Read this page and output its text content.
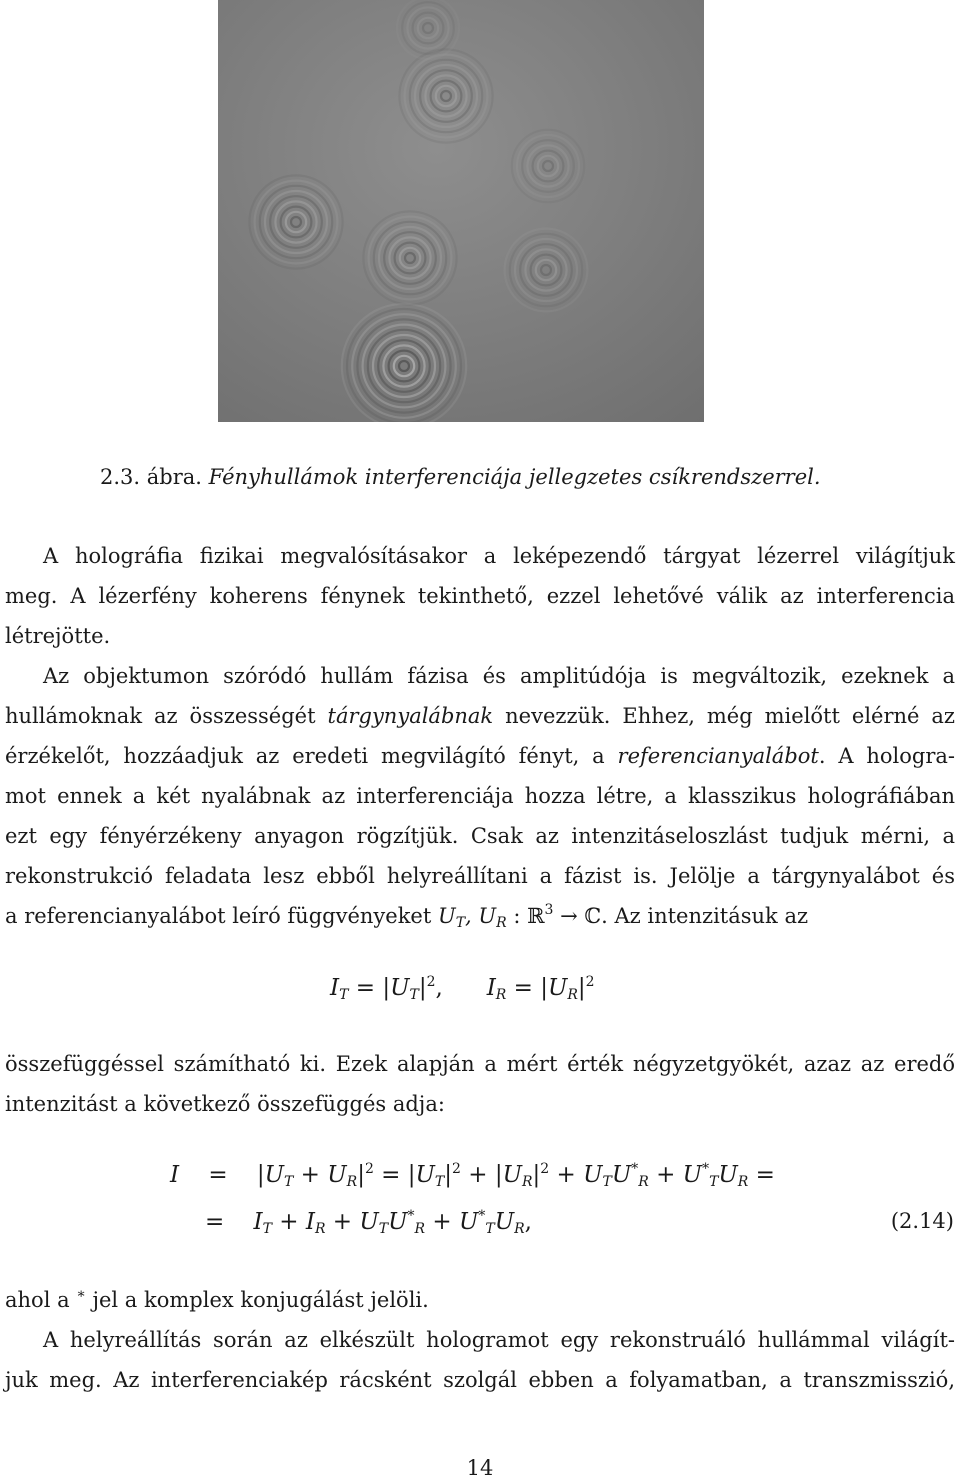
2.3. ábra. Fényhullámok interferenciája jellegzetes csíkrendszerrel.
A holográfia fizikai megvalósításakor a leképezendő tárgyat lézerrel világítjuk
meg. A lézerfény koherens fénynek tekinthető, ezzel lehetővé válik az interferencia
létrejötte.
Az objektumon szóródó hullám fázisa és amplitúdója is megváltozik, ezeknek a
hullámoknak az összességét tárgynyalábnak nevezzük. Ehhez, még mielőtt elérné az
érzékelőt, hozzáadjuk az eredeti megvilágító fényt, a referencianyalábot. A hologra-
mot ennek a két nyalábnak az interferenciája hozza létre, a klasszikus holográfiában
ezt egy fényérzékeny anyagon rögzítjük. Csak az intenzitáseloszlást tudjuk mérni, a
rekonstrukció feladata lesz ebből helyreállítani a fázist is. Jelölje a tárgynyalábot és
a referencianyalábot leíró függvényeket $U_T$, $U_R$ : ℝ$^3$ → ℂ. Az intenzitásuk az
$I_T = |U_T|^2$,      $I_R = |U_R|^2$
összefüggéssel számítható ki. Ezek alapján a mért érték négyzetgyökét, azaz az eredő
intenzitást a következő összefüggés adja:
I    =    $|U_T + U_R|^2 = |U_T|^2 + |U_R|^2 + U_TU^*_R + U^*_TU_R$ =
=    $I_T + I_R + U_TU^*_R + U^*_TU_R$,	(2.14)
ahol a ∗ jel a komplex konjugálást jelöli.
A helyreállítás során az elkészült hologramot egy rekonstruáló hullámmal világít-
juk meg. Az interferenciakép rácsként szolgál ebben a folyamatban, a transzmisszió,
14
